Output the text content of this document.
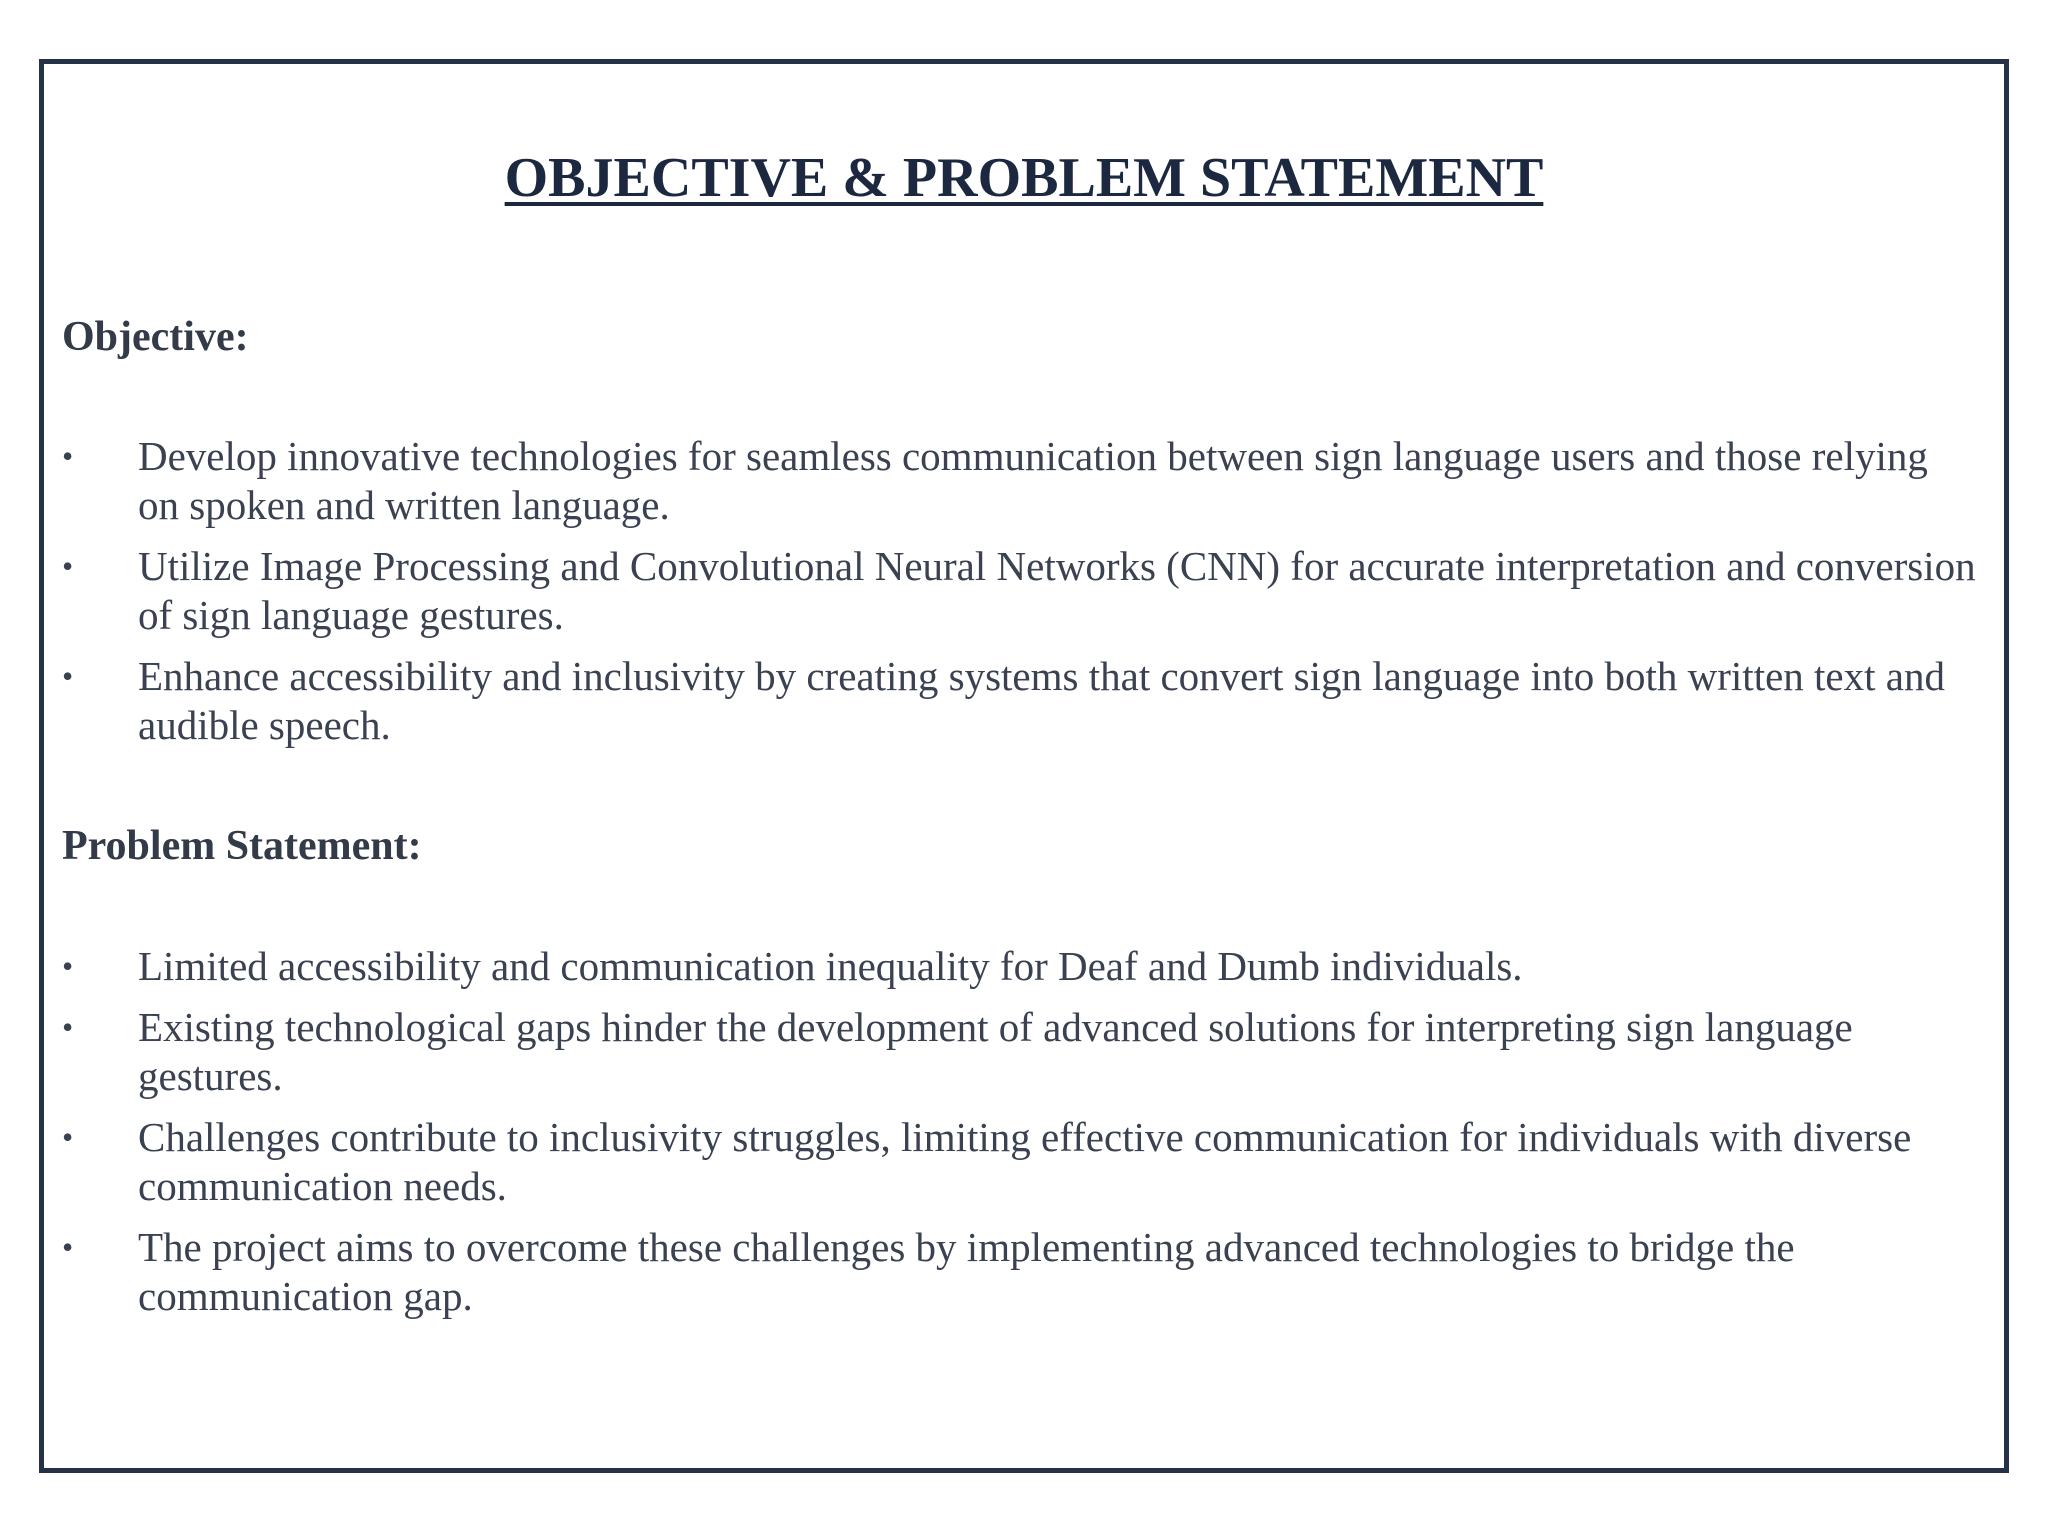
OBJECTIVE & PROBLEM STATEMENT
Objective:
•	Develop innovative technologies for seamless communication between sign language users and those relying on spoken and written language.
•	Utilize Image Processing and Convolutional Neural Networks (CNN) for accurate interpretation and conversion of sign language gestures.
•	Enhance accessibility and inclusivity by creating systems that convert sign language into both written text and audible speech.
Problem Statement:
•	Limited accessibility and communication inequality for Deaf and Dumb individuals.
•	Existing technological gaps hinder the development of advanced solutions for interpreting sign language gestures.
•	Challenges contribute to inclusivity struggles, limiting effective communication for individuals with diverse communication needs.
•	The project aims to overcome these challenges by implementing advanced technologies to bridge the communication gap.
